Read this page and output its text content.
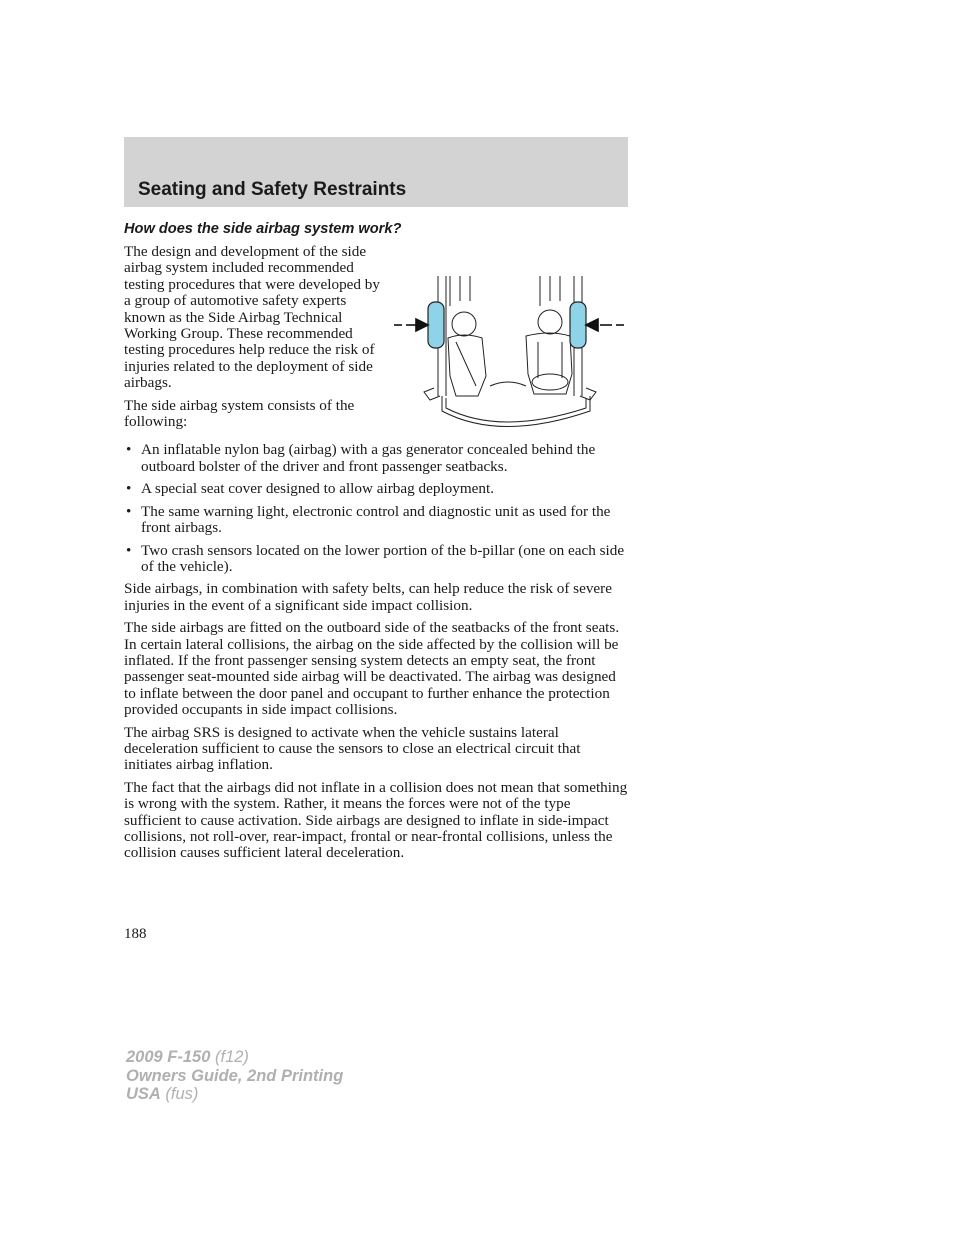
Seating and Safety Restraints
How does the side airbag system work?

The design and development of the side airbag system included recommended testing procedures that were developed by a group of automotive safety experts known as the Side Airbag Technical Working Group. These recommended testing procedures help reduce the risk of injuries related to the deployment of side airbags.

The side airbag system consists of the following:

• An inflatable nylon bag (airbag) with a gas generator concealed behind the outboard bolster of the driver and front passenger seatbacks.
• A special seat cover designed to allow airbag deployment.
• The same warning light, electronic control and diagnostic unit as used for the front airbags.
• Two crash sensors located on the lower portion of the b-pillar (one on each side of the vehicle).

Side airbags, in combination with safety belts, can help reduce the risk of severe injuries in the event of a significant side impact collision.

The side airbags are fitted on the outboard side of the seatbacks of the front seats. In certain lateral collisions, the airbag on the side affected by the collision will be inflated. If the front passenger sensing system detects an empty seat, the front passenger seat-mounted side airbag will be deactivated. The airbag was designed to inflate between the door panel and occupant to further enhance the protection provided occupants in side impact collisions.

The airbag SRS is designed to activate when the vehicle sustains lateral deceleration sufficient to cause the sensors to close an electrical circuit that initiates airbag inflation.

The fact that the airbags did not inflate in a collision does not mean that something is wrong with the system. Rather, it means the forces were not of the type sufficient to cause activation. Side airbags are designed to inflate in side-impact collisions, not roll-over, rear-impact, frontal or near-frontal collisions, unless the collision causes sufficient lateral deceleration.

188
2009 F-150 (f12)
Owners Guide, 2nd Printing
USA (fus)
